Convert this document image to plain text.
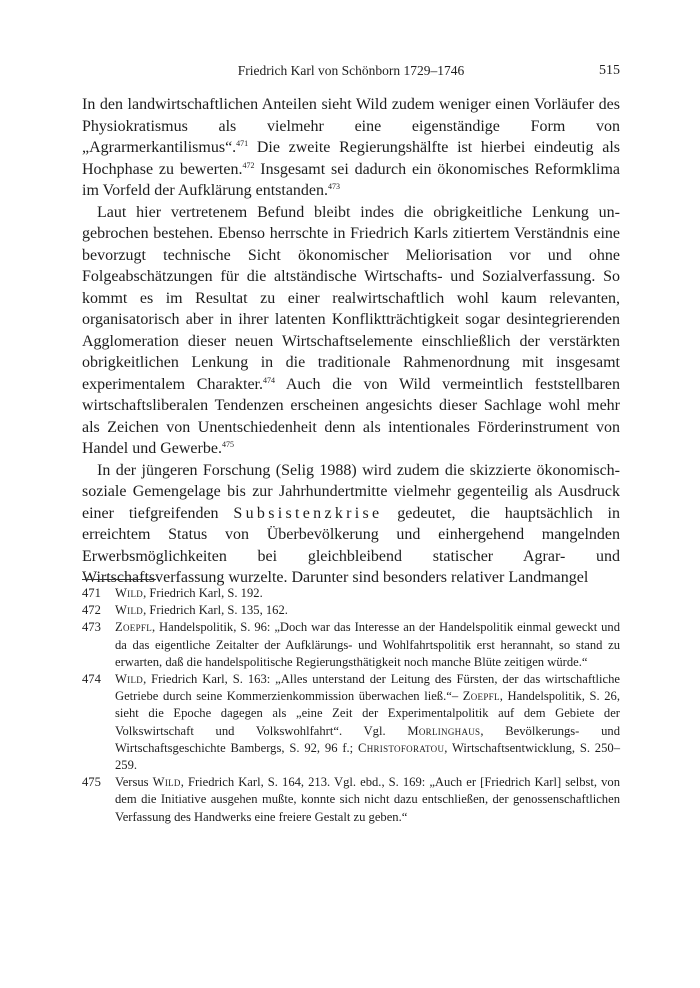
Friedrich Karl von Schönborn 1729–1746	515

In den landwirtschaftlichen Anteilen sieht Wild zudem weniger einen Vorläufer des Physiokratismus als vielmehr eine eigenständige Form von „Agrarmerkantilismus“.$^{471}$ Die zweite Regierungshälfte ist hierbei eindeutig als Hochphase zu bewerten.$^{472}$ Insgesamt sei dadurch ein ökonomisches Reformklima im Vorfeld der Aufklärung entstanden.$^{473}$

Laut hier vertretenem Befund bleibt indes die obrigkeitliche Lenkung ungebrochen bestehen. Ebenso herrschte in Friedrich Karls zitiertem Verständnis eine bevorzugt technische Sicht ökonomischer Meliorisation vor und ohne Folgeabschätzungen für die altständische Wirtschafts- und Sozialverfassung. So kommt es im Resultat zu einer realwirtschaftlich wohl kaum relevanten, organisatorisch aber in ihrer latenten Konfliktträchtigkeit sogar desintegrierenden Agglomeration dieser neuen Wirtschaftselemente einschließlich der verstärkten obrigkeitlichen Lenkung in die traditionale Rahmenordnung mit insgesamt experimentalem Charakter.$^{474}$ Auch die von Wild vermeintlich feststellbaren wirtschaftsliberalen Tendenzen erscheinen angesichts dieser Sachlage wohl mehr als Zeichen von Unentschiedenheit denn als intentionales Förderinstrument von Handel und Gewerbe.$^{475}$

In der jüngeren Forschung (Selig 1988) wird zudem die skizzierte ökonomisch-soziale Gemengelage bis zur Jahrhundertmitte vielmehr gegenteilig als Ausdruck einer tiefgreifenden Subsistenzkrise gedeutet, die hauptsächlich in erreichtem Status von Überbevölkerung und einhergehend mangelnden Erwerbsmöglichkeiten bei gleichbleibend statischer Agrar- und Wirtschaftsverfassung wurzelte. Darunter sind besonders relativer Landmangel

471 Wild, Friedrich Karl, S. 192.
472 Wild, Friedrich Karl, S. 135, 162.
473 Zoepfl, Handelspolitik, S. 96: „Doch war das Interesse an der Handelspolitik einmal geweckt und da das eigentliche Zeitalter der Aufklärungs- und Wohlfahrtspolitik erst herannaht, so stand zu erwarten, daß die handelspolitische Regierungsthätigkeit noch manche Blüte zeitigen würde.“
474 Wild, Friedrich Karl, S. 163: „Alles unterstand der Leitung des Fürsten, der das wirtschaftliche Getriebe durch seine Kommerzienkommission überwachen ließ.“– Zoepfl, Handelspolitik, S. 26, sieht die Epoche dagegen als „eine Zeit der Experimentalpolitik auf dem Gebiete der Volkswirtschaft und Volkswohlfahrt“. Vgl. Morlinghaus, Bevölkerungs- und Wirtschaftsgeschichte Bambergs, S. 92, 96 f.; Christoforatou, Wirtschaftsentwicklung, S. 250–259.
475 Versus Wild, Friedrich Karl, S. 164, 213. Vgl. ebd., S. 169: „Auch er [Friedrich Karl] selbst, von dem die Initiative ausgehen mußte, konnte sich nicht dazu entschließen, der genossenschaftlichen Verfassung des Handwerks eine freiere Gestalt zu geben.“
